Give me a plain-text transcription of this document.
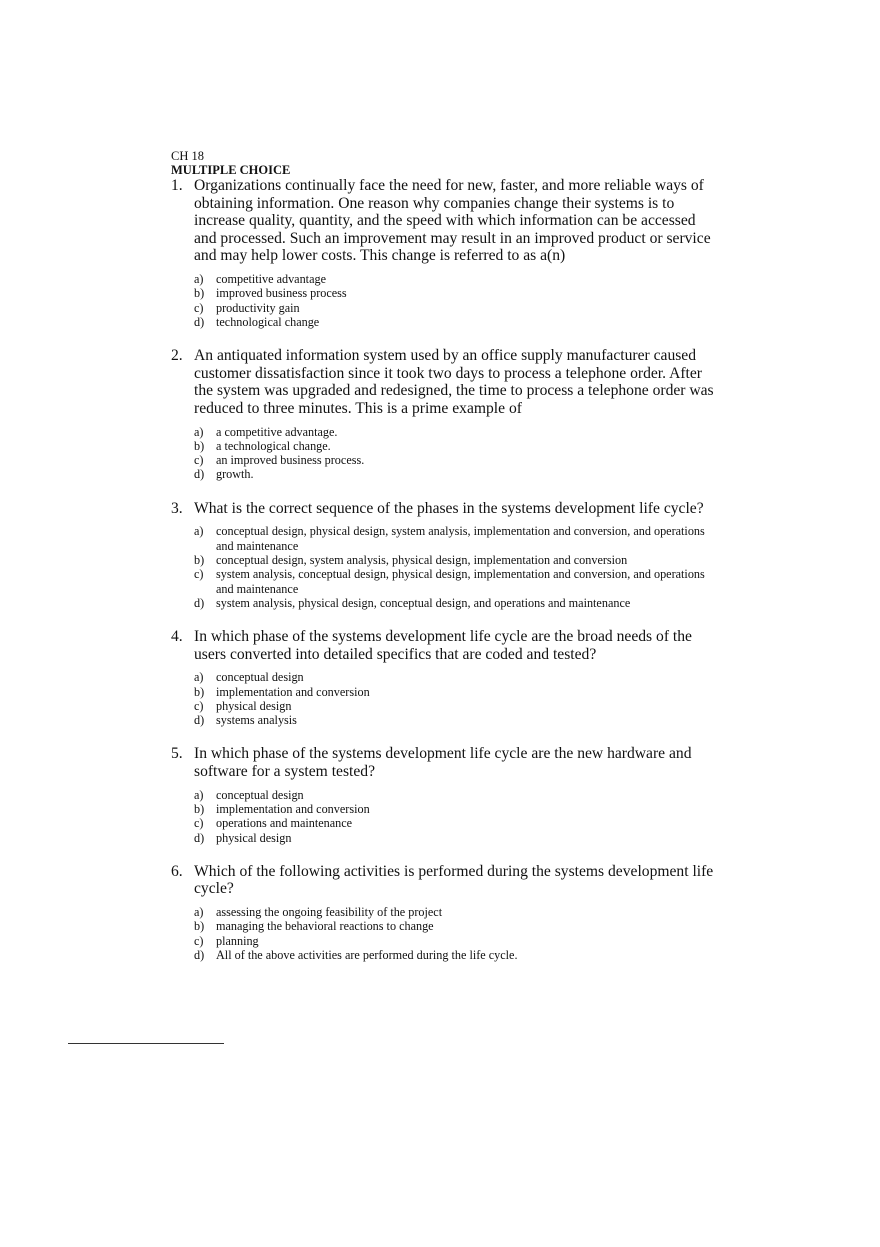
CH 18
MULTIPLE CHOICE
1. Organizations continually face the need for new, faster, and more reliable ways of obtaining information. One reason why companies change their systems is to increase quality, quantity, and the speed with which information can be accessed and processed. Such an improvement may result in an improved product or service and may help lower costs. This change is referred to as a(n)
a)	competitive advantage
b) improved business process
c)	productivity gain
d) technological change
2. An antiquated information system used by an office supply manufacturer caused customer dissatisfaction since it took two days to process a telephone order. After the system was upgraded and redesigned, the time to process a telephone order was reduced to three minutes. This is a prime example of
a)	a competitive advantage.
b) a technological change.
c)	an improved business process.
d) growth.
3. What is the correct sequence of the phases in the systems development life cycle?
a)	conceptual design, physical design, system analysis, implementation and conversion, and operations and maintenance
b) conceptual design, system analysis, physical design, implementation and conversion
c)	system analysis, conceptual design, physical design, implementation and conversion, and operations and maintenance
d) system analysis, physical design, conceptual design, and operations and maintenance
4. In which phase of the systems development life cycle are the broad needs of the users converted into detailed specifics that are coded and tested?
a)	conceptual design
b) implementation and conversion
c)	physical design
d) systems analysis
5. In which phase of the systems development life cycle are the new hardware and software for a system tested?
a)	conceptual design
b) implementation and conversion
c)	operations and maintenance
d) physical design
6. Which of the following activities is performed during the systems development life cycle?
a)	assessing the ongoing feasibility of the project
b) managing the behavioral reactions to change
c)	planning
d) All of the above activities are performed during the life cycle.
